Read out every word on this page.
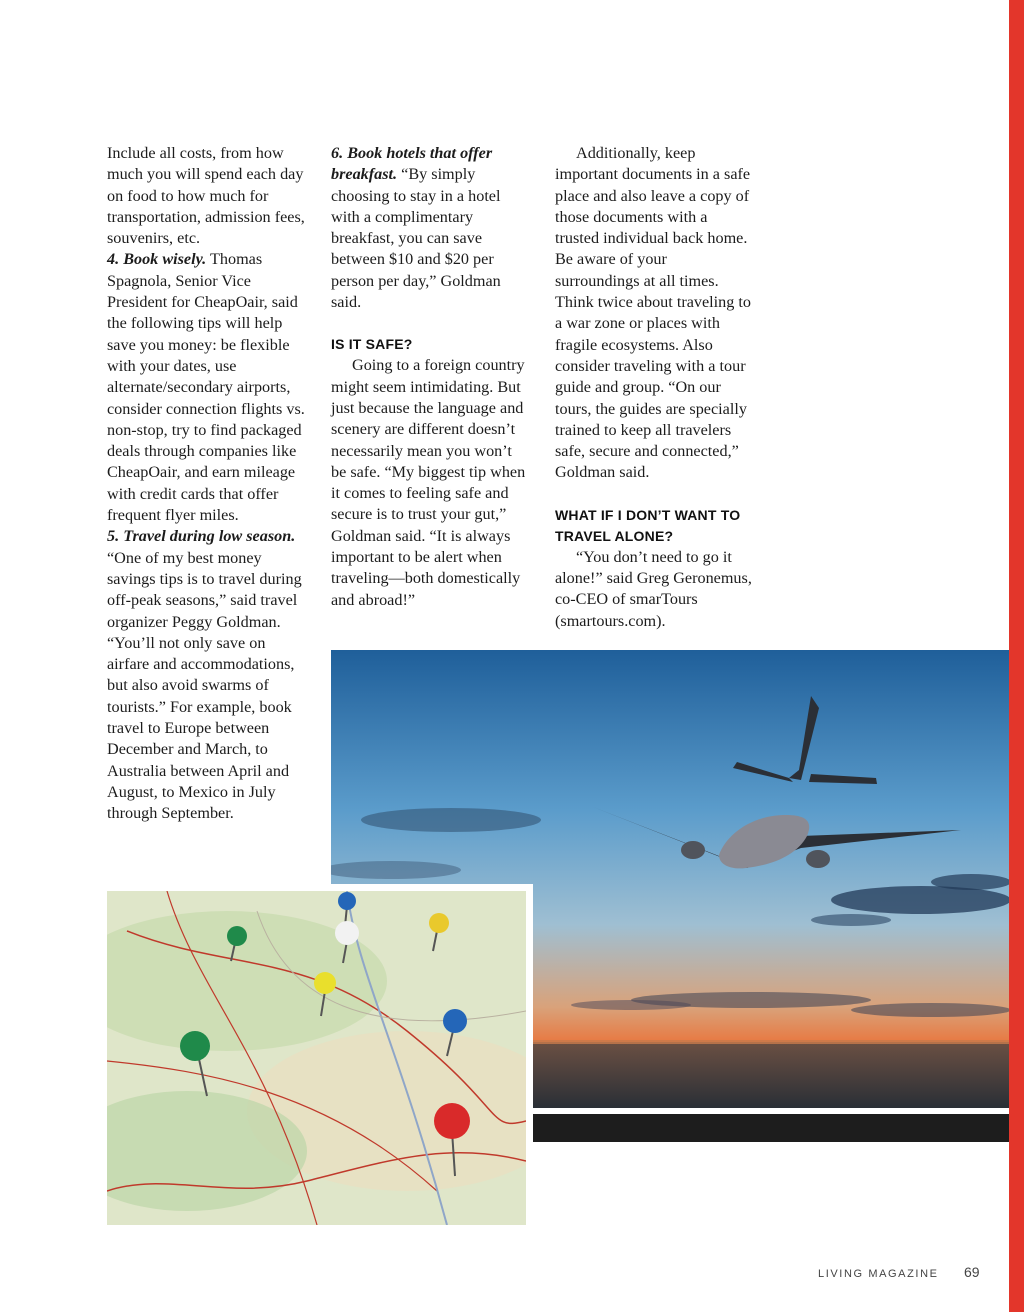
Include all costs, from how much you will spend each day on food to how much for transportation, admission fees, souvenirs, etc.

4. Book wisely. Thomas Spagnola, Senior Vice President for CheapOair, said the following tips will help save you money: be flexible with your dates, use alternate/secondary airports, consider connection flights vs. non-stop, try to find packaged deals through companies like CheapOair, and earn mileage with credit cards that offer frequent flyer miles.

5. Travel during low season. “One of my best money savings tips is to travel during off-peak seasons,” said travel organizer Peggy Goldman. “You’ll not only save on airfare and accommodations, but also avoid swarms of tourists.” For example, book travel to Europe between December and March, to Australia between April and August, to Mexico in July through September.

6. Book hotels that offer breakfast. “By simply choosing to stay in a hotel with a complimentary breakfast, you can save between $10 and $20 per person per day,” Goldman said.

IS IT SAFE?

Going to a foreign country might seem intimidating. But just because the language and scenery are different doesn’t necessarily mean you won’t be safe. “My biggest tip when it comes to feeling safe and secure is to trust your gut,” Goldman said. “It is always important to be alert when traveling—both domestically and abroad!”

Additionally, keep important documents in a safe place and also leave a copy of those documents with a trusted individual back home. Be aware of your surroundings at all times. Think twice about traveling to a war zone or places with fragile ecosystems. Also consider traveling with a tour guide and group. “On our tours, the guides are specially trained to keep all travelers safe, secure and connected,” Goldman said.

WHAT IF I DON’T WANT TO TRAVEL ALONE?

“You don’t need to go it alone!” said Greg Geronemus, co-CEO of smarTours (smartours.com).

LIVING MAGAZINE 69
